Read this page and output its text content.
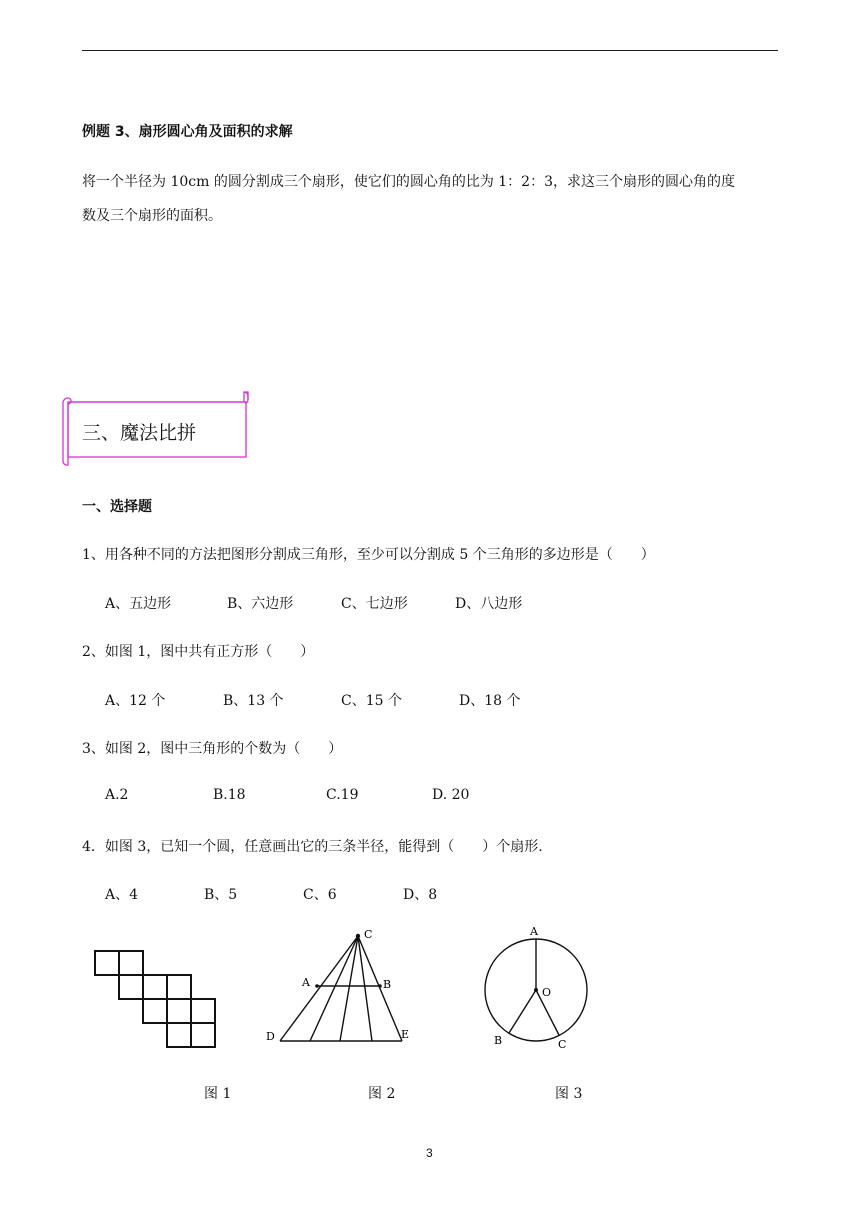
例题 3、扇形圆心角及面积的求解
将一个半径为 10cm 的圆分割成三个扇形，使它们的圆心角的比为 1：2：3，求这三个扇形的圆心角的度
数及三个扇形的面积。
三、魔法比拼
一、选择题
1、用各种不同的方法把图形分割成三角形，至少可以分割成 5 个三角形的多边形是（　　）
A、五边形	B、六边形	C、七边形	D、八边形
2、如图 1，图中共有正方形（　　）
A、12 个	B、13 个	C、15 个	D、18 个
3、如图 2，图中三角形的个数为（　　）
A.2	B.18	C.19	D. 20
4．如图 3，已知一个圆，任意画出它的三条半径，能得到（　　）个扇形.
A、4	B、5	C、6	D、8
C
A	B
D	E
A
O
B	C
图 1	图 2	图 3
3
